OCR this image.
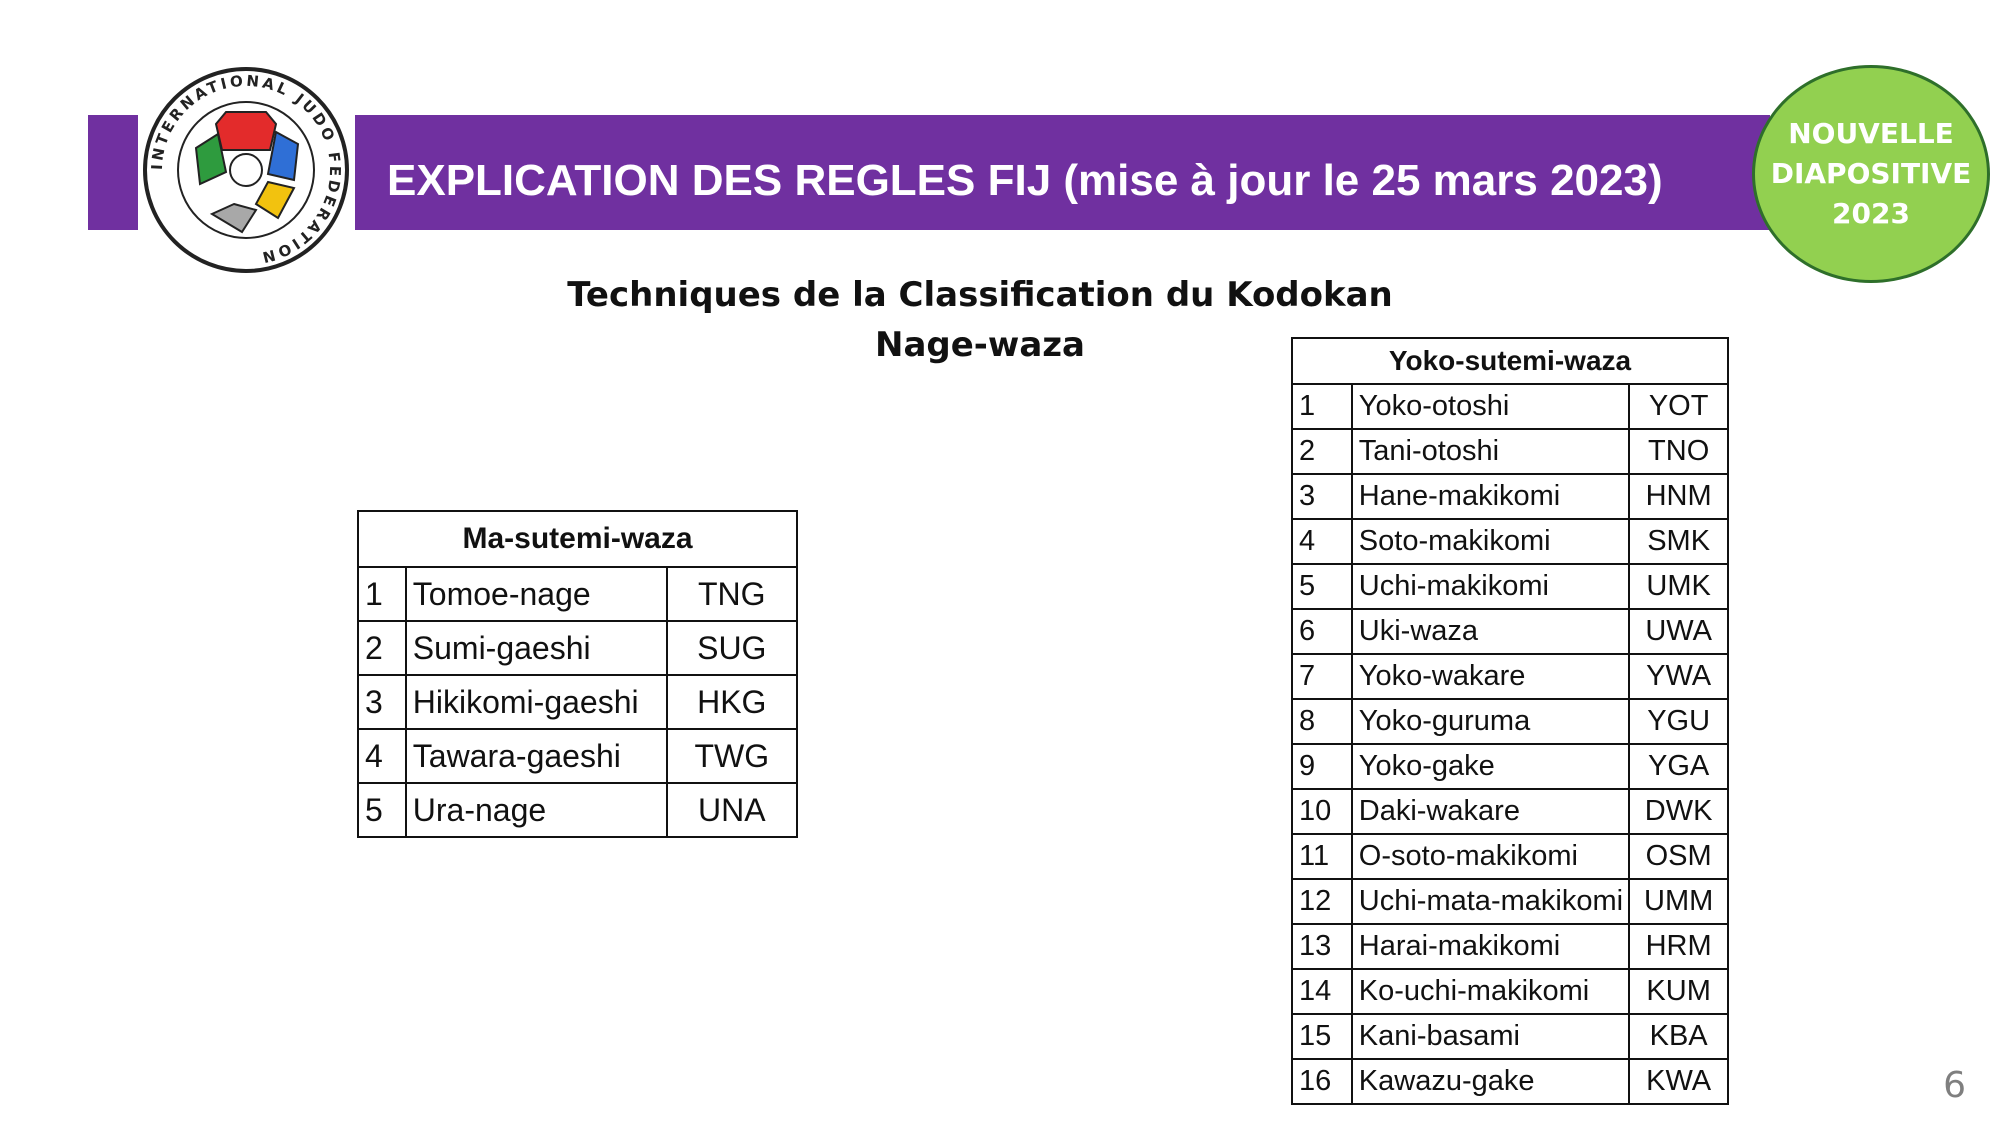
EXPLICATION DES REGLES FIJ (mise à jour le 25 mars 2023)
INTERNATIONAL JUDO FEDERATION
NOUVELLE
DIAPOSITIVE
2023
Techniques de la Classification du Kodokan
Nage-waza
Ma-sutemi-waza		
1	Tomoe-nage	TNG
2	Sumi-gaeshi	SUG
3	Hikikomi-gaeshi	HKG
4	Tawara-gaeshi	TWG
5	Ura-nage	UNA
Yoko-sutemi-waza		
1	Yoko-otoshi	YOT
2	Tani-otoshi	TNO
3	Hane-makikomi	HNM
4	Soto-makikomi	SMK
5	Uchi-makikomi	UMK
6	Uki-waza	UWA
7	Yoko-wakare	YWA
8	Yoko-guruma	YGU
9	Yoko-gake	YGA
10	Daki-wakare	DWK
11	O-soto-makikomi	OSM
12	Uchi-mata-makikomi	UMM
13	Harai-makikomi	HRM
14	Ko-uchi-makikomi	KUM
15	Kani-basami	KBA
16	Kawazu-gake	KWA	6
